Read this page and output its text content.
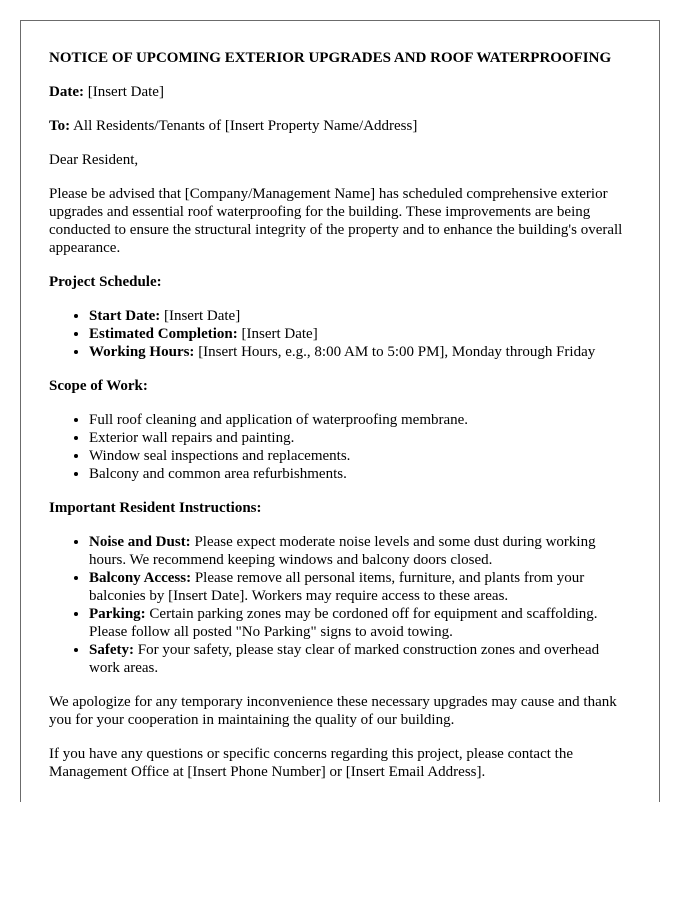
NOTICE OF UPCOMING EXTERIOR UPGRADES AND ROOF WATERPROOFING

Date: [Insert Date]

To: All Residents/Tenants of [Insert Property Name/Address]

Dear Resident,

Please be advised that [Company/Management Name] has scheduled comprehensive exterior upgrades and essential roof waterproofing for the building. These improvements are being conducted to ensure the structural integrity of the property and to enhance the building's overall appearance.

Project Schedule:
• Start Date: [Insert Date]
• Estimated Completion: [Insert Date]
• Working Hours: [Insert Hours, e.g., 8:00 AM to 5:00 PM], Monday through Friday
Scope of Work:
• Full roof cleaning and application of waterproofing membrane.
• Exterior wall repairs and painting.
• Window seal inspections and replacements.
• Balcony and common area refurbishments.
Important Resident Instructions:
• Noise and Dust: Please expect moderate noise levels and some dust during working hours. We recommend keeping windows and balcony doors closed.
• Balcony Access: Please remove all personal items, furniture, and plants from your balconies by [Insert Date]. Workers may require access to these areas.
• Parking: Certain parking zones may be cordoned off for equipment and scaffolding. Please follow all posted "No Parking" signs to avoid towing.
• Safety: For your safety, please stay clear of marked construction zones and overhead work areas.

We apologize for any temporary inconvenience these necessary upgrades may cause and thank you for your cooperation in maintaining the quality of our building.

If you have any questions or specific concerns regarding this project, please contact the Management Office at [Insert Phone Number] or [Insert Email Address].
